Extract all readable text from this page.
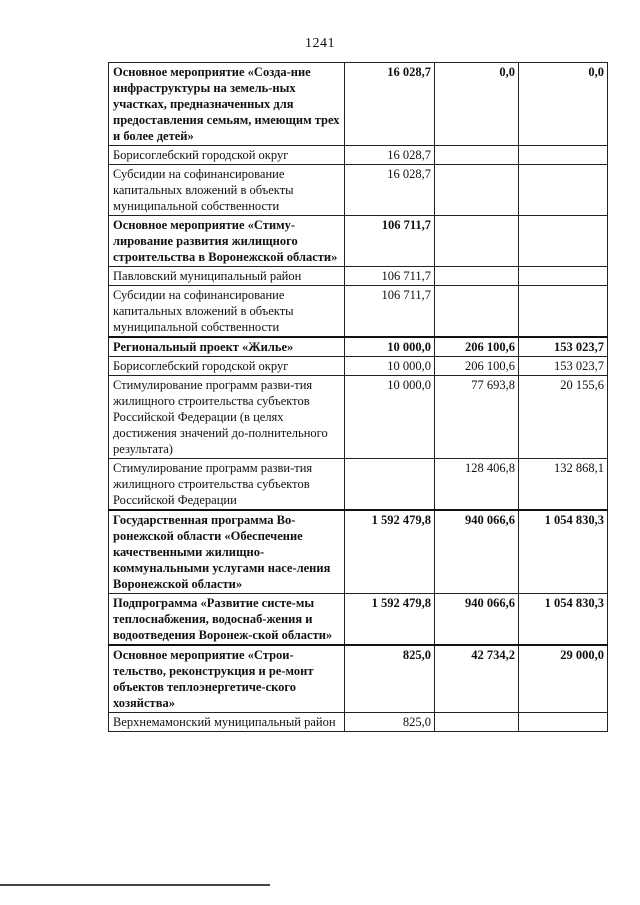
1241
Основное мероприятие «Созда-ние инфраструктуры на земель-ных участках, предназначенных для предоставления семьям, имеющим трех и более детей»	16 028,7	0,0	0,0
Борисоглебский городской округ	16 028,7		
Субсидии на софинансирование капитальных вложений в объекты муниципальной собственности	16 028,7		
Основное мероприятие «Стиму-лирование развития жилищного строительства в Воронежской области»	106 711,7		
Павловский муниципальный район	106 711,7		
Субсидии на софинансирование капитальных вложений в объекты муниципальной собственности	106 711,7		
Региональный проект «Жилье»	10 000,0	206 100,6	153 023,7
Борисоглебский городской округ	10 000,0	206 100,6	153 023,7
Стимулирование программ разви-тия жилищного строительства субъектов Российской Федерации (в целях достижения значений до-полнительного результата)	10 000,0	77 693,8	20 155,6
Стимулирование программ разви-тия жилищного строительства субъектов Российской Федерации		128 406,8	132 868,1
Государственная программа Во-ронежской области «Обеспечение качественными жилищно-коммунальными услугами насе-ления Воронежской области»	1 592 479,8	940 066,6	1 054 830,3
Подпрограмма «Развитие систе-мы теплоснабжения, водоснаб-жения и водоотведения Воронеж-ской области»	1 592 479,8	940 066,6	1 054 830,3
Основное мероприятие «Строи-тельство, реконструкция и ре-монт объектов теплоэнергетиче-ского хозяйства»	825,0	42 734,2	29 000,0
Верхнемамонский муниципальный район	825,0		
